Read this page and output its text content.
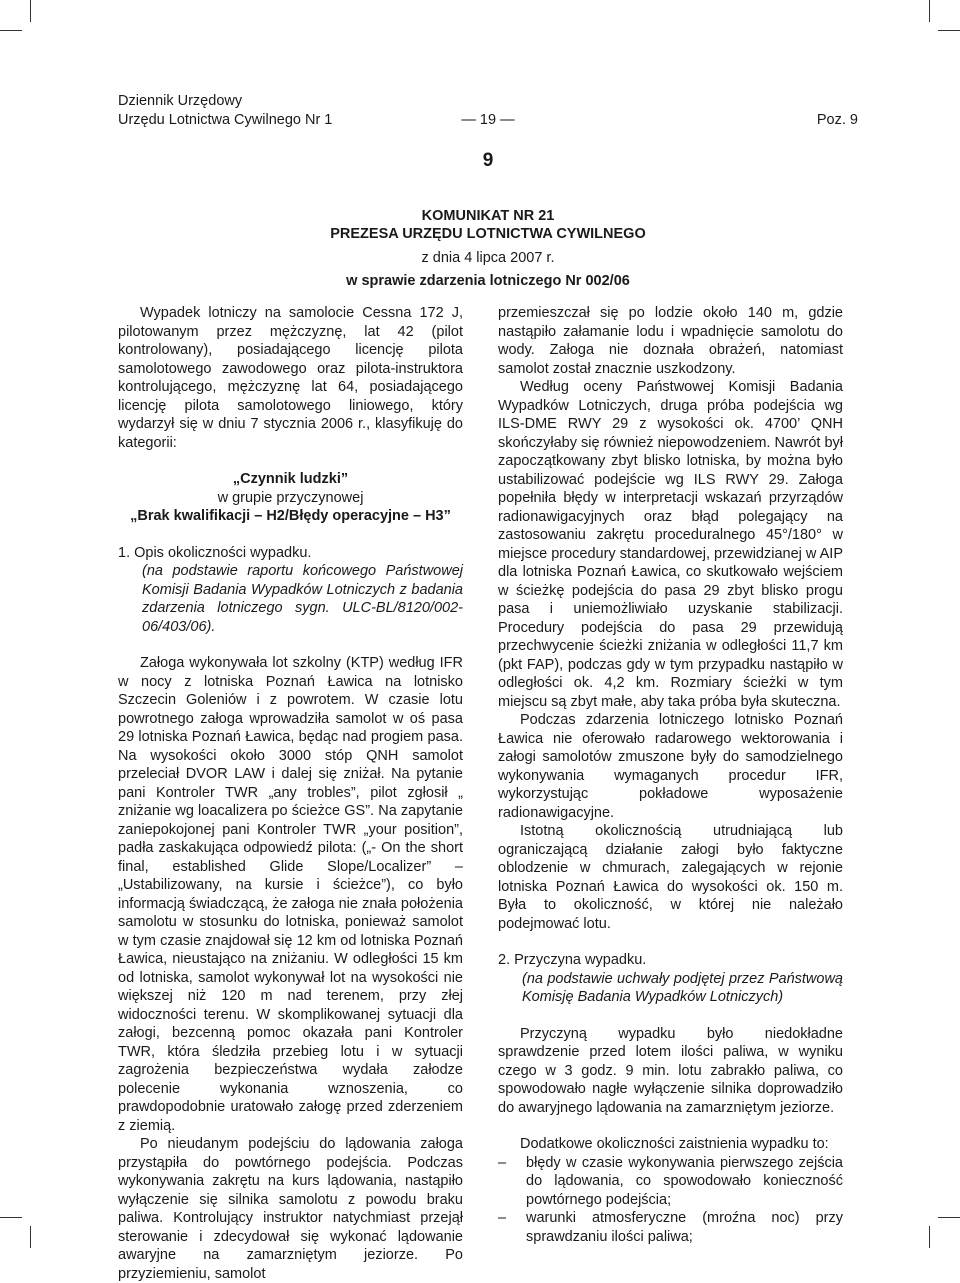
Dziennik Urzędowy
Urzędu Lotnictwa Cywilnego Nr 1	— 19 —	Poz. 9
9
KOMUNIKAT NR 21
PREZESA URZĘDU LOTNICTWA CYWILNEGO
z dnia 4 lipca 2007 r.
w sprawie zdarzenia lotniczego Nr 002/06

Wypadek lotniczy na samolocie Cessna 172 J, pilotowanym przez mężczyznę, lat 42 (pilot kontrolowany), posiadającego licencję pilota samolotowego zawodowego oraz pilota-instruktora kontrolującego, mężczyznę lat 64, posiadającego licencję pilota samolotowego liniowego, który wydarzył się w dniu 7 stycznia 2006 r., klasyfikuję do kategorii:

„Czynnik ludzki”

w grupie przyczynowej

„Brak kwalifikacji – H2/Błędy operacyjne – H3”

1. Opis okoliczności wypadku.

(na podstawie raportu końcowego Państwowej Komisji Badania Wypadków Lotniczych z badania zdarzenia lotniczego sygn. ULC-BL/8120/002-06/403/06).

Załoga wykonywała lot szkolny (KTP) według IFR w nocy z lotniska Poznań Ławica na lotnisko Szczecin Goleniów i z powrotem. W czasie lotu powrotnego załoga wprowadziła samolot w oś pasa 29 lotniska Poznań Ławica, będąc nad progiem pasa. Na wysokości około 3000 stóp QNH samolot przeleciał DVOR LAW i dalej się zniżał. Na pytanie pani Kontroler TWR „any trobles”, pilot zgłosił „ zniżanie wg loacalizera po ścieżce GS”. Na zapytanie zaniepokojonej pani Kontroler TWR „your position”, padła zaskakująca odpowiedź pilota: („- On the short final, established Glide Slope/Localizer” – „Ustabilizowany, na kursie i ścieżce”), co było informacją świadczącą, że załoga nie znała położenia samolotu w stosunku do lotniska, ponieważ samolot w tym czasie znajdował się 12 km od lotniska Poznań Ławica, nieustająco na zniżaniu. W odległości 15 km od lotniska, samolot wykonywał lot na wysokości nie większej niż 120 m nad terenem, przy złej widoczności terenu. W skomplikowanej sytuacji dla załogi, bezcenną pomoc okazała pani Kontroler TWR, która śledziła przebieg lotu i w sytuacji zagrożenia bezpieczeństwa wydała załodze polecenie wykonania wznoszenia, co prawdopodobnie uratowało załogę przed zderzeniem z ziemią.

Po nieudanym podejściu do lądowania załoga przystąpiła do powtórnego podejścia. Podczas wykonywania zakrętu na kurs lądowania, nastąpiło wyłączenie się silnika samolotu z powodu braku paliwa. Kontrolujący instruktor natychmiast przejął sterowanie i zdecydował się wykonać lądowanie awaryjne na zamarzniętym jeziorze. Po przyziemieniu, samolot

przemieszczał się po lodzie około 140 m, gdzie nastąpiło załamanie lodu i wpadnięcie samolotu do wody. Załoga nie doznała obrażeń, natomiast samolot został znacznie uszkodzony.

Według oceny Państwowej Komisji Badania Wypadków Lotniczych, druga próba podejścia wg ILS-DME RWY 29 z wysokości ok. 4700’ QNH skończyłaby się również niepowodzeniem. Nawrót był zapoczątkowany zbyt blisko lotniska, by można było ustabilizować podejście wg ILS RWY 29. Załoga popełniła błędy w interpretacji wskazań przyrządów radionawigacyjnych oraz błąd polegający na zastosowaniu zakrętu proceduralnego 45°/180° w miejsce procedury standardowej, przewidzianej w AIP dla lotniska Poznań Ławica, co skutkowało wejściem w ścieżkę podejścia do pasa 29 zbyt blisko progu pasa i uniemożliwiało uzyskanie stabilizacji. Procedury podejścia do pasa 29 przewidują przechwycenie ścieżki zniżania w odległości 11,7 km (pkt FAP), podczas gdy w tym przypadku nastąpiło w odległości ok. 4,2 km. Rozmiary ścieżki w tym miejscu są zbyt małe, aby taka próba była skuteczna.

Podczas zdarzenia lotniczego lotnisko Poznań Ławica nie oferowało radarowego wektorowania i załogi samolotów zmuszone były do samodzielnego wykonywania wymaganych procedur IFR, wykorzystując pokładowe wyposażenie radionawigacyjne.

Istotną okolicznością utrudniającą lub ograniczającą działanie załogi było faktyczne oblodzenie w chmurach, zalegających w rejonie lotniska Poznań Ławica do wysokości ok. 150 m. Była to okoliczność, w której nie należało podejmować lotu.

2. Przyczyna wypadku.

(na podstawie uchwały podjętej przez Państwową Komisję Badania Wypadków Lotniczych)

Przyczyną wypadku było niedokładne sprawdzenie przed lotem ilości paliwa, w wyniku czego w 3 godz. 9 min. lotu zabrakło paliwa, co spowodowało nagłe wyłączenie silnika doprowadziło do awaryjnego lądowania na zamarzniętym jeziorze.

Dodatkowe okoliczności zaistnienia wypadku to:

–	błędy w czasie wykonywania pierwszego zejścia do lądowania, co spowodowało konieczność powtórnego podejścia;

–	warunki atmosferyczne (mroźna noc) przy sprawdzaniu ilości paliwa;
